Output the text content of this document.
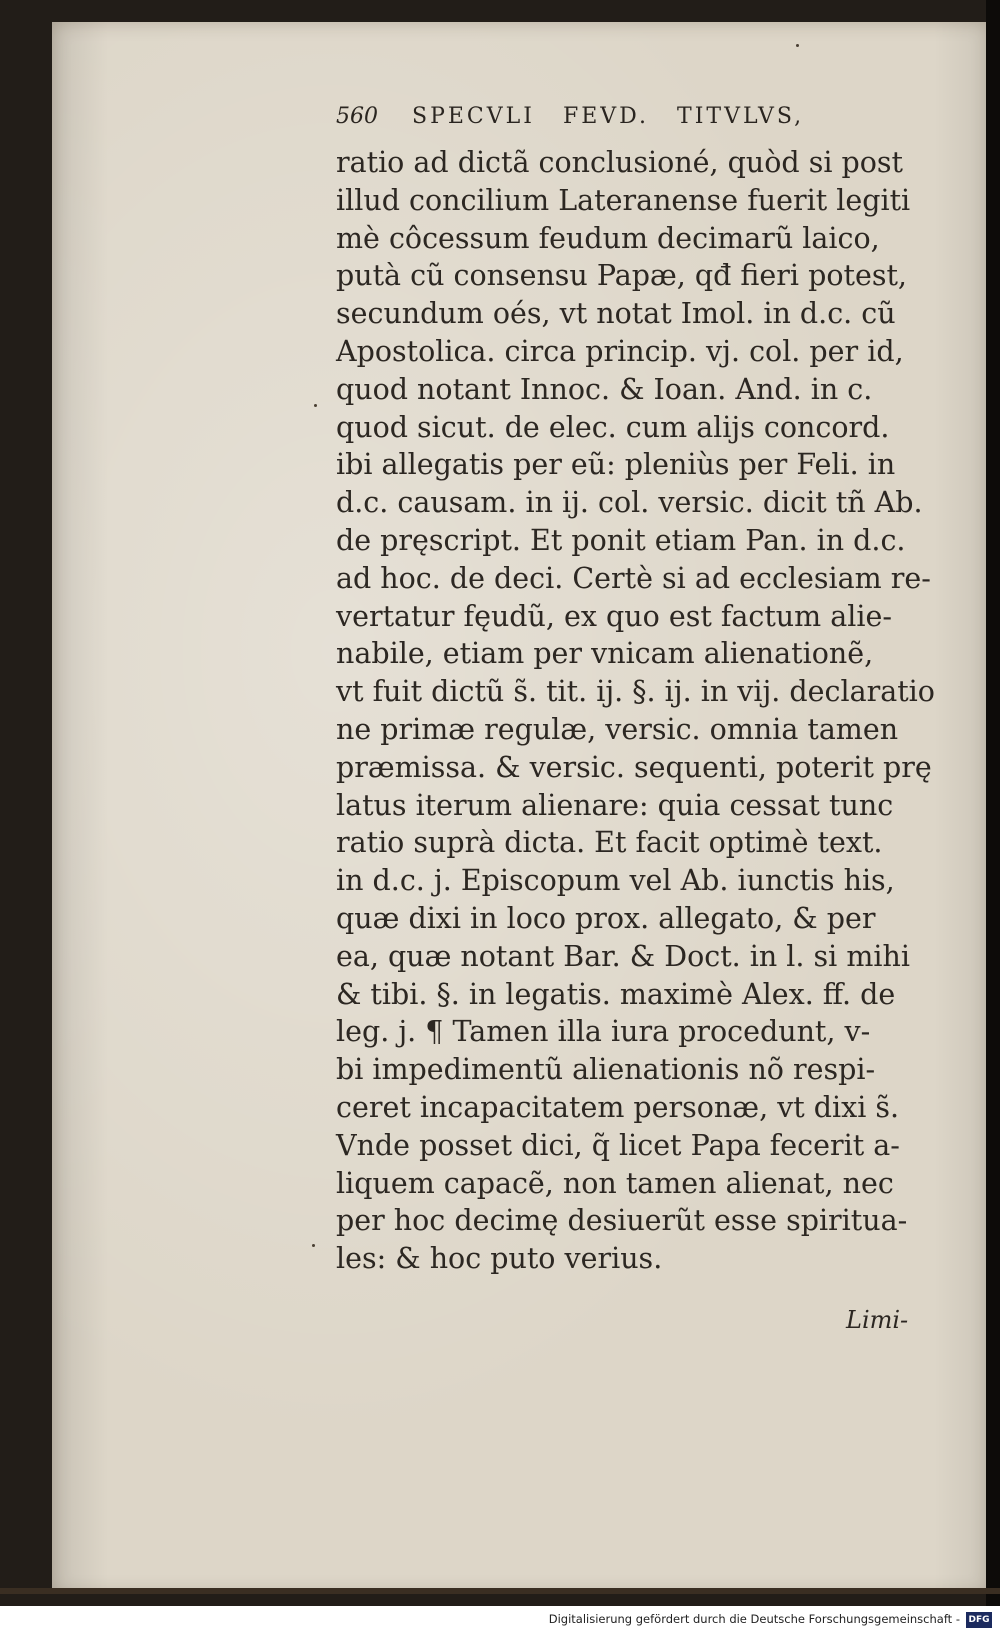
560 SPECVLI FEVD. TITVLVS,
ratio ad dictã conclusioné, quòd si post
illud concilium Lateranense fuerit legiti
mè côcessum feudum decimarũ laico,
putà cũ consensu Papæ, qđ fieri potest,
secundum oés, vt notat Imol. in d.c. cũ
Apostolica. circa princip. vj. col. per id,
quod notant Innoc. & Ioan. And. in c.
quod sicut. de elec. cum alijs concord.
ibi allegatis per eũ: pleniùs per Feli. in
d.c. causam. in ij. col. versic. dicit tñ Ab.
de pręscript. Et ponit etiam Pan. in d.c.
ad hoc. de deci. Certè si ad ecclesiam re-
vertatur fęudũ, ex quo est factum alie-
nabile, etiam per vnicam alienationẽ,
vt fuit dictũ s̃. tit. ij. §. ij. in vij. declaratio
ne primæ regulæ, versic. omnia tamen
præmissa. & versic. sequenti, poterit prę
latus iterum alienare: quia cessat tunc
ratio suprà dicta. Et facit optimè text.
in d.c. j. Episcopum vel Ab. iunctis his,
quæ dixi in loco prox. allegato, & per
ea, quæ notant Bar. & Doct. in l. si mihi
& tibi. §. in legatis. maximè Alex. ff. de
leg. j. ¶ Tamen illa iura procedunt, v-
bi impedimentũ alienationis nõ respi-
ceret incapacitatem personæ, vt dixi s̃.
Vnde posset dici, q̃ licet Papa fecerit a-
liquem capacẽ, non tamen alienat, nec
per hoc decimę desiuerũt esse spiritua-
les: & hoc puto verius.
Limi-
Digitalisierung gefördert durch die Deutsche Forschungsgemeinschaft - DFG
